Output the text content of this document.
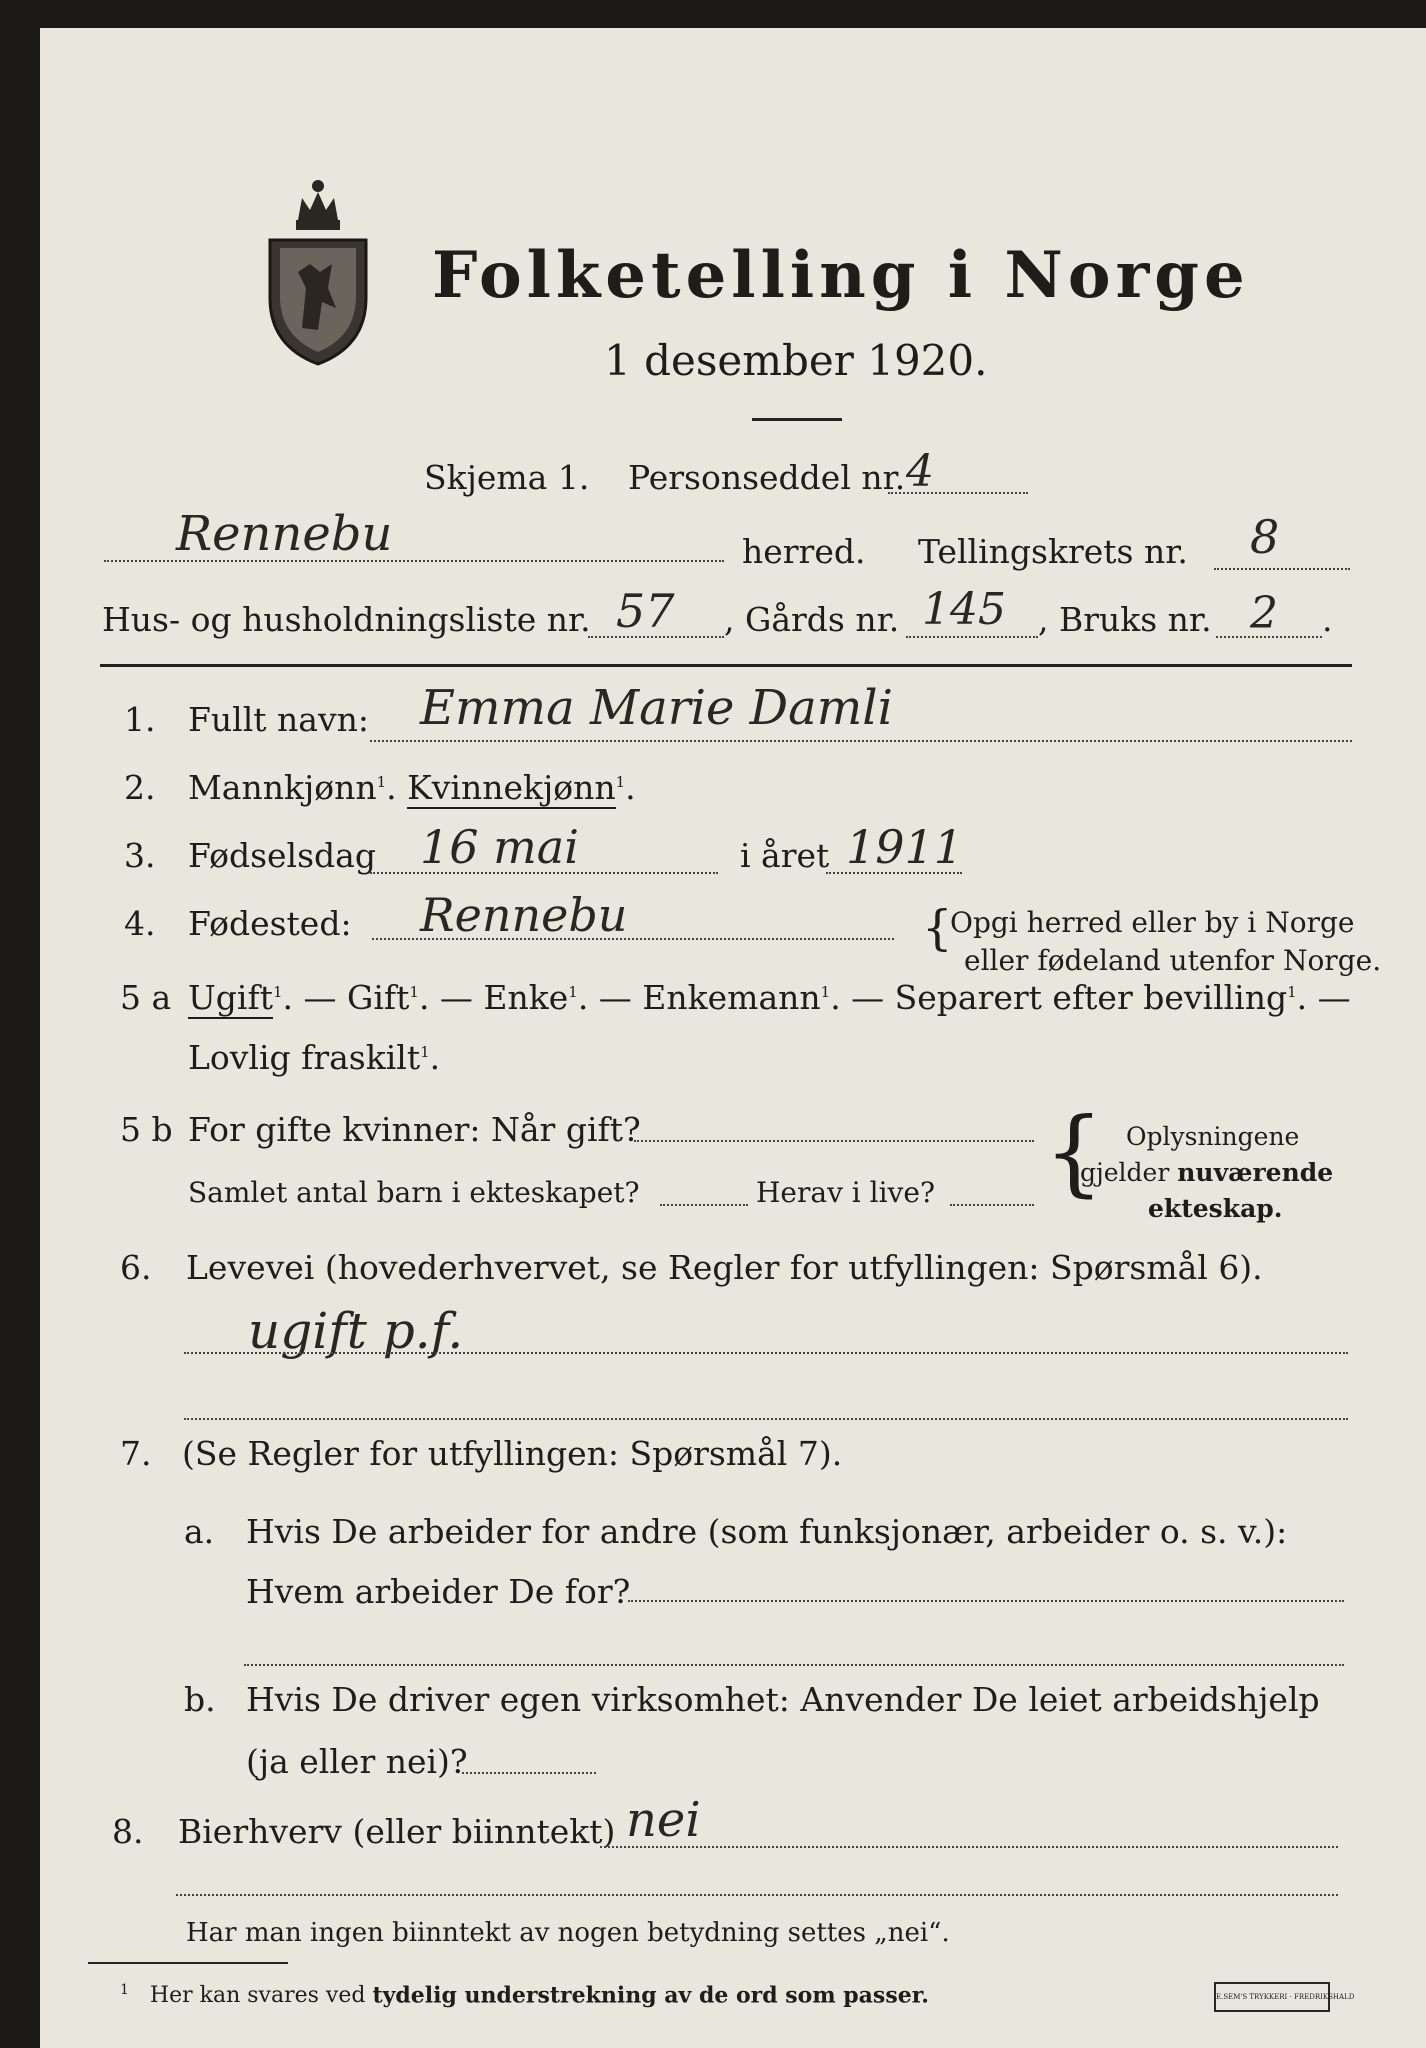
Folketelling i Norge
1 desember 1920.
Skjema 1. Personseddel nr. 4
Rennebu	herred. Tellingskrets nr. 8
Hus- og husholdningsliste nr. 57 , Gårds nr. 145 , Bruks nr. 2 .
1. Fullt navn: Emma Marie Damli
2. Mannkjønn$^1$. Kvinnekjønn$^1$.
3. Fødselsdag 16 mai	i året 1911
4. Fødested: Rennebu	{
Opgi herred eller by i Norge
eller fødeland utenfor Norge.
5 a Ugift$^1$. — Gift$^1$. — Enke$^1$. — Enkemann$^1$. — Separert efter bevilling$^1$. —
Lovlig fraskilt$^1$.
5 b For gifte kvinner: Når gift?
Samlet antal barn i ekteskapet?	Herav i live? { Oplysningene
gjelder nuværende
ekteskap.
6. Levevei (hovederhvervet, se Regler for utfyllingen: Spørsmål 6).
ugift p.f.
7. (Se Regler for utfyllingen: Spørsmål 7).
a. Hvis De arbeider for andre (som funksjonær, arbeider o. s. v.):
Hvem arbeider De for?
b. Hvis De driver egen virksomhet: Anvender De leiet arbeidshjelp
(ja eller nei)?
8. Bierhverv (eller biinntekt) nei
Har man ingen biinntekt av nogen betydning settes „nei“.
$^1$ Her kan svares ved tydelig understrekning av de ord som passer.	E.SEM'S TRYKKERI · FREDRIKSHALD
